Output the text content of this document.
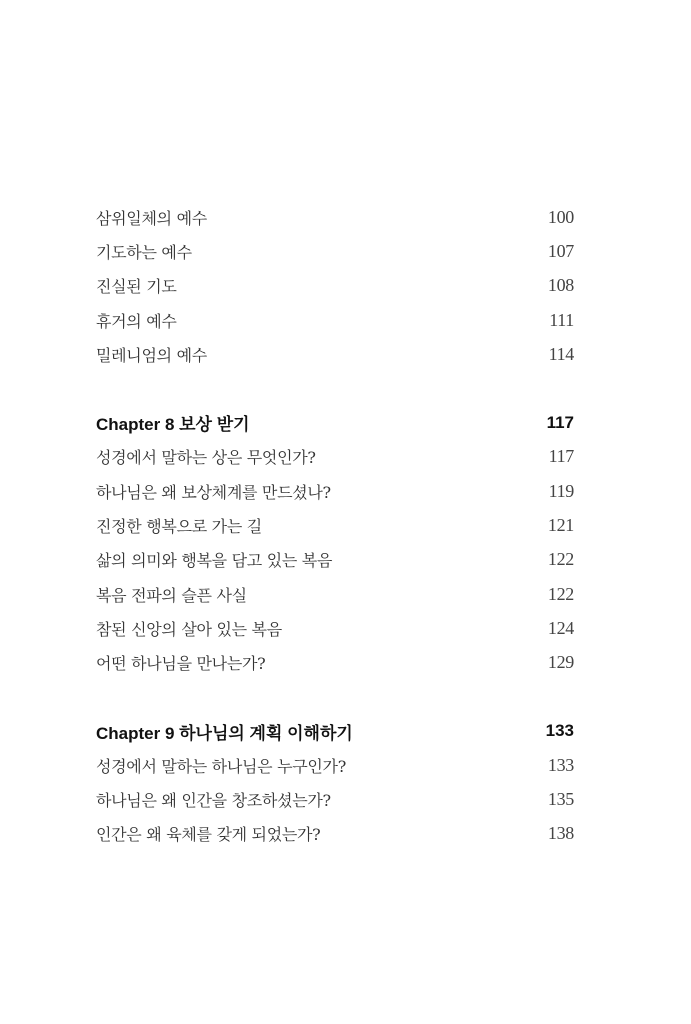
삼위일체의 예수	100
기도하는 예수	107
진실된 기도	108
휴거의 예수	111
밀레니엄의 예수	114
Chapter 8 보상 받기	117
성경에서 말하는 상은 무엇인가?	117
하나님은 왜 보상체계를 만드셨나?	119
진정한 행복으로 가는 길	121
삶의 의미와 행복을 담고 있는 복음	122
복음 전파의 슬픈 사실	122
참된 신앙의 살아 있는 복음	124
어떤 하나님을 만나는가?	129
Chapter 9 하나님의 계획 이해하기	133
성경에서 말하는 하나님은 누구인가?	133
하나님은 왜 인간을 창조하셨는가?	135
인간은 왜 육체를 갖게 되었는가?	138
